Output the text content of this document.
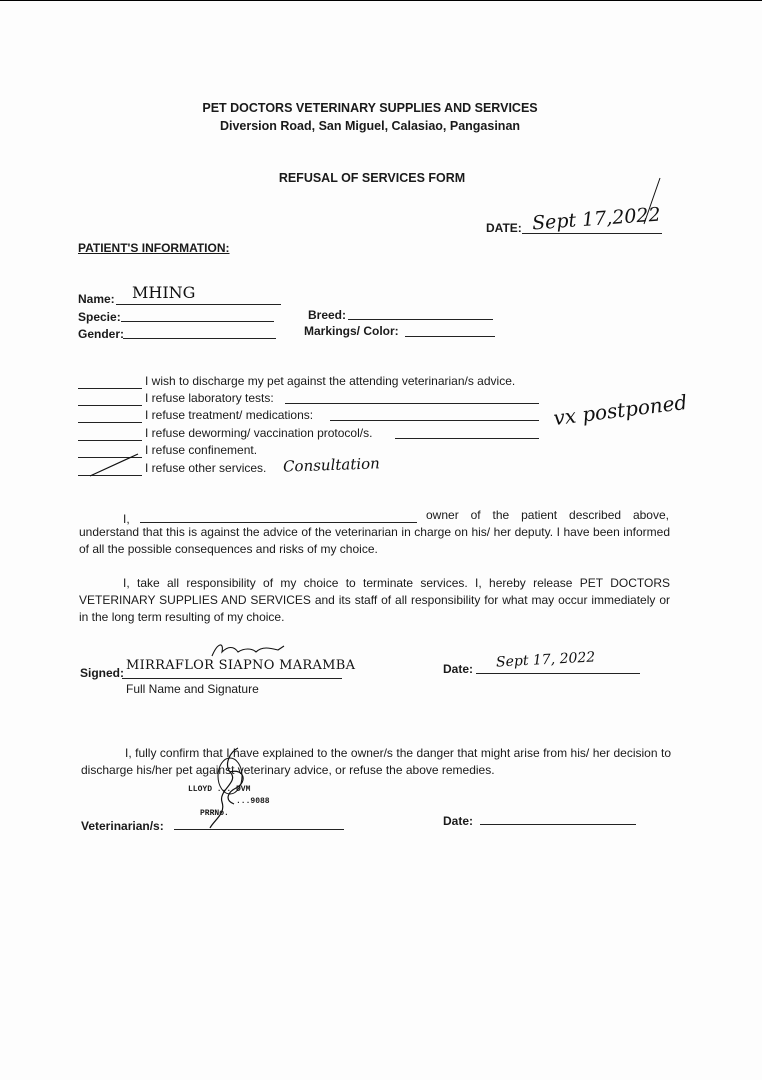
PET DOCTORS VETERINARY SUPPLIES AND SERVICES
Diversion Road, San Miguel, Calasiao, Pangasinan
REFUSAL OF SERVICES FORM
DATE: Sept 17,2022
PATIENT'S INFORMATION:
Name: MHING
Specie:
Gender:
Breed:
Markings/ Color:
I wish to discharge my pet against the attending veterinarian/s advice.
I refuse laboratory tests:
I refuse treatment/ medications:
I refuse deworming/ vaccination protocol/s.
I refuse confinement.
I refuse other services. Consultation
vx postponed
I,	owner of the patient described above,
understand that this is against the advice of the veterinarian in charge on his/ her deputy. I have been informed of all the possible consequences and risks of my choice.
I, take all responsibility of my choice to terminate services. I, hereby release PET DOCTORS VETERINARY SUPPLIES AND SERVICES and its staff of all responsibility for what may occur immediately or in the long term resulting of my choice.
Signed: MIRRAFLOR SIAPNO MARAMBA
Full Name and Signature
Date: Sept 17, 2022
I, fully confirm that I have explained to the owner/s the danger that might arise from his/ her decision to discharge his/her pet against veterinary advice, or refuse the above remedies.
LLOYD ... DVM
...9088
PRRNo.
Veterinarian/s:	Date:
